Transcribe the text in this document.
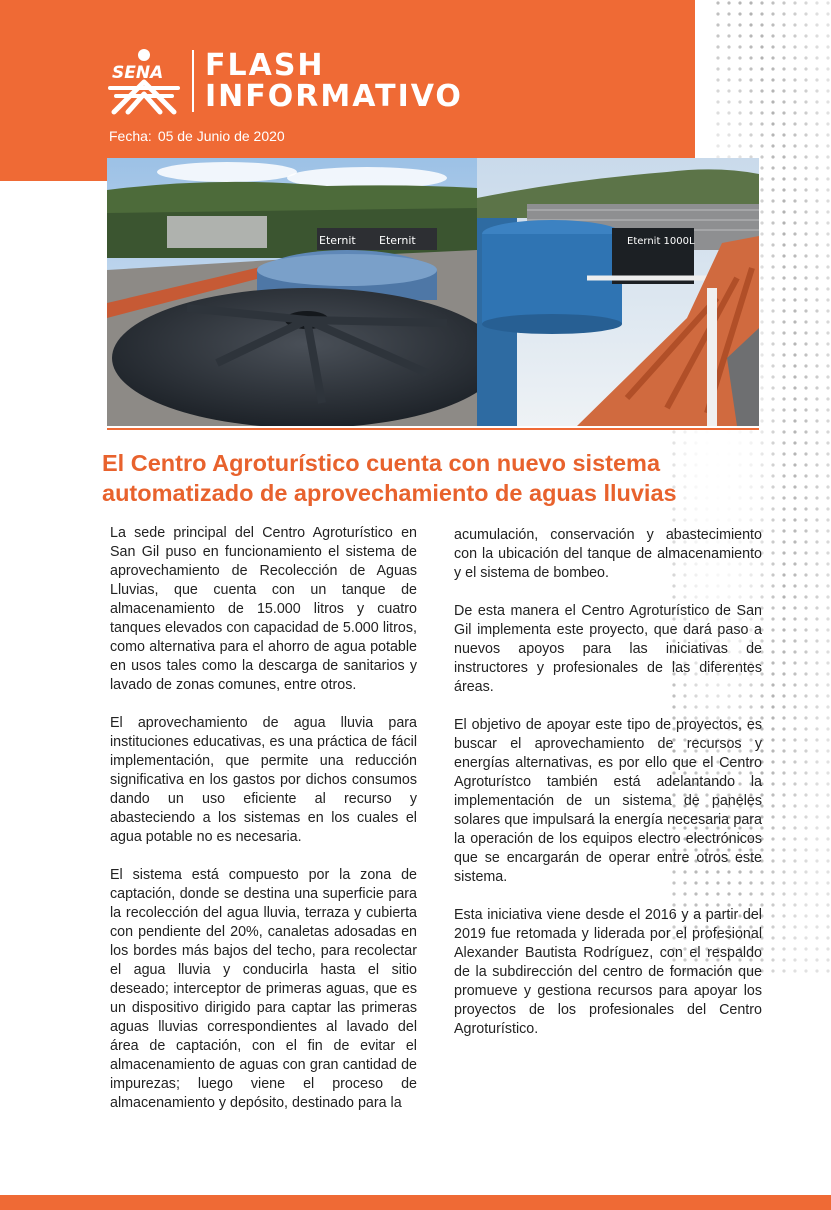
SENA FLASH
INFORMATIVO
Fecha: 05 de Junio de 2020
Eternit Eternit	Eternit 1000L
El Centro Agroturístico cuenta con nuevo sistema
automatizado de aprovechamiento de aguas lluvias

La sede principal del Centro Agroturístico en San Gil puso en funcionamiento el sistema de aprovechamiento de Recolección de Aguas Lluvias, que cuenta con un tanque de almacenamiento de 15.000 litros y cuatro tanques elevados con capacidad de 5.000 litros, como alternativa para el ahorro de agua potable en usos tales como la descarga de sanitarios y lavado de zonas comunes, entre otros.

El aprovechamiento de agua lluvia para instituciones educativas, es una práctica de fácil implementación, que permite una reducción significativa en los gastos por dichos consumos dando un uso eficiente al recurso y abasteciendo a los sistemas en los cuales el agua potable no es necesaria.

El sistema está compuesto por la zona de captación, donde se destina una superficie para la recolección del agua lluvia, terraza y cubierta con pendiente del 20%, canaletas adosadas en los bordes más bajos del techo, para recolectar el agua lluvia y conducirla hasta el sitio deseado; interceptor de primeras aguas, que es un dispositivo dirigido para captar las primeras aguas lluvias correspondientes al lavado del área de captación, con el fin de evitar el almacenamiento de aguas con gran cantidad de impurezas; luego viene el proceso de almacenamiento y depósito, destinado para la

acumulación, conservación y abastecimiento con la ubicación del tanque de almacenamiento y el sistema de bombeo.

De esta manera el Centro Agroturístico de San Gil implementa este proyecto, que dará paso a nuevos apoyos para las iniciativas de instructores y profesionales de las diferentes áreas.

El objetivo de apoyar este tipo de proyectos, es buscar el aprovechamiento de recursos y energías alternativas, es por ello que el Centro Agroturístco también está adelantando la implementación de un sistema de paneles solares que impulsará la energía necesaria para la operación de los equipos electro electrónicos que se encargarán de operar entre otros este sistema.

Esta iniciativa viene desde el 2016 y a partir del 2019 fue retomada y liderada por el profesional Alexander Bautista Rodríguez, con el respaldo de la subdirección del centro de formación que promueve y gestiona recursos para apoyar los proyectos de los profesionales del Centro Agroturístico.
